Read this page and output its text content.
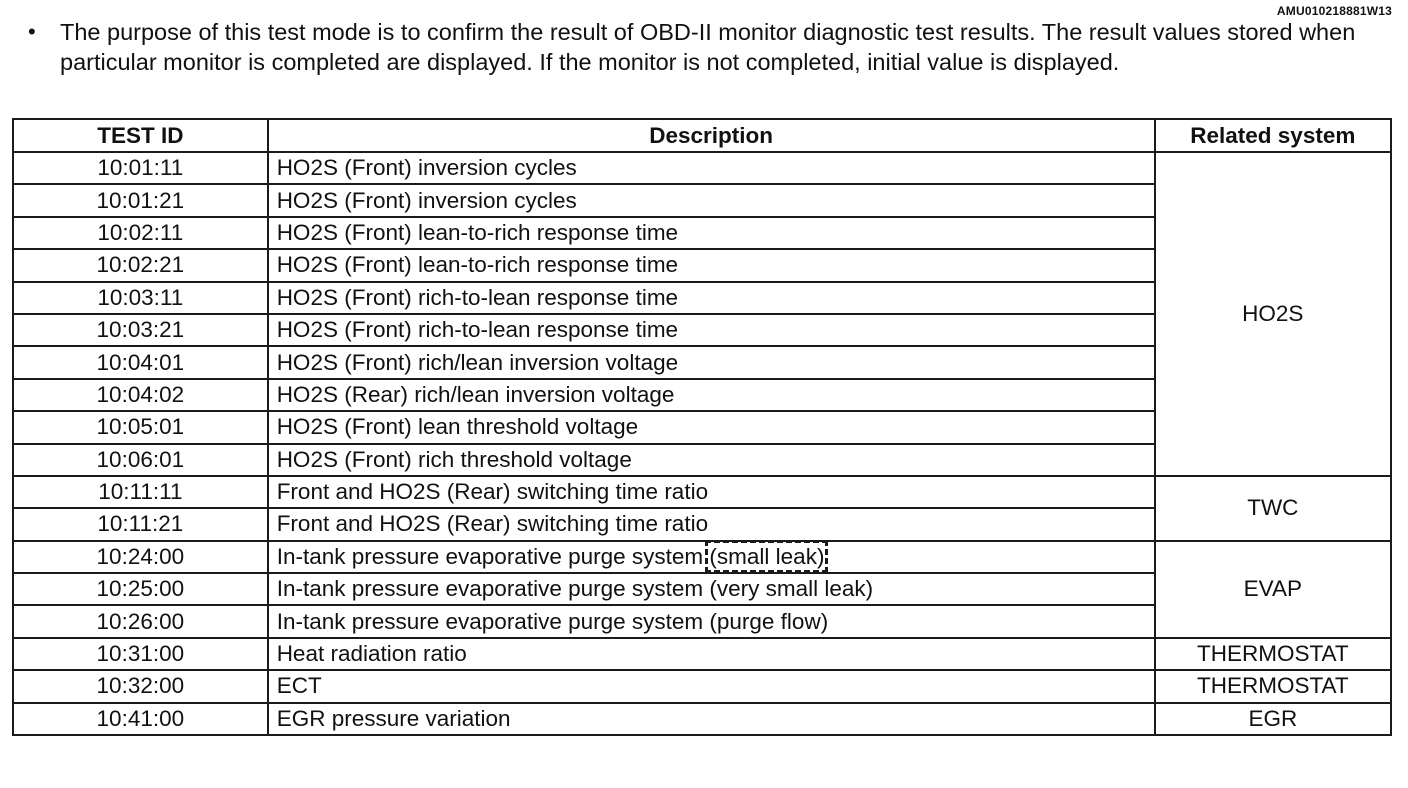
AMU010218881W13
•	The purpose of this test mode is to confirm the result of OBD-II monitor diagnostic test results. The result values stored when particular monitor is completed are displayed. If the monitor is not completed, initial value is displayed.
TEST ID	Description	Related system
10:01:11	HO2S (Front) inversion cycles	HO2S
10:01:21	HO2S (Front) inversion cycles	
10:02:11	HO2S (Front) lean-to-rich response time	
10:02:21	HO2S (Front) lean-to-rich response time	
10:03:11	HO2S (Front) rich-to-lean response time	
10:03:21	HO2S (Front) rich-to-lean response time	
10:04:01	HO2S (Front) rich/lean inversion voltage	
10:04:02	HO2S (Rear) rich/lean inversion voltage	
10:05:01	HO2S (Front) lean threshold voltage	
10:06:01	HO2S (Front) rich threshold voltage	
10:11:11	Front and HO2S (Rear) switching time ratio	TWC
10:11:21	Front and HO2S (Rear) switching time ratio	
10:24:00	In-tank pressure evaporative purge system (small leak)	EVAP
10:25:00	In-tank pressure evaporative purge system (very small leak)	
10:26:00	In-tank pressure evaporative purge system (purge flow)	
10:31:00	Heat radiation ratio	THERMOSTAT
10:32:00	ECT	THERMOSTAT
10:41:00	EGR pressure variation	EGR
